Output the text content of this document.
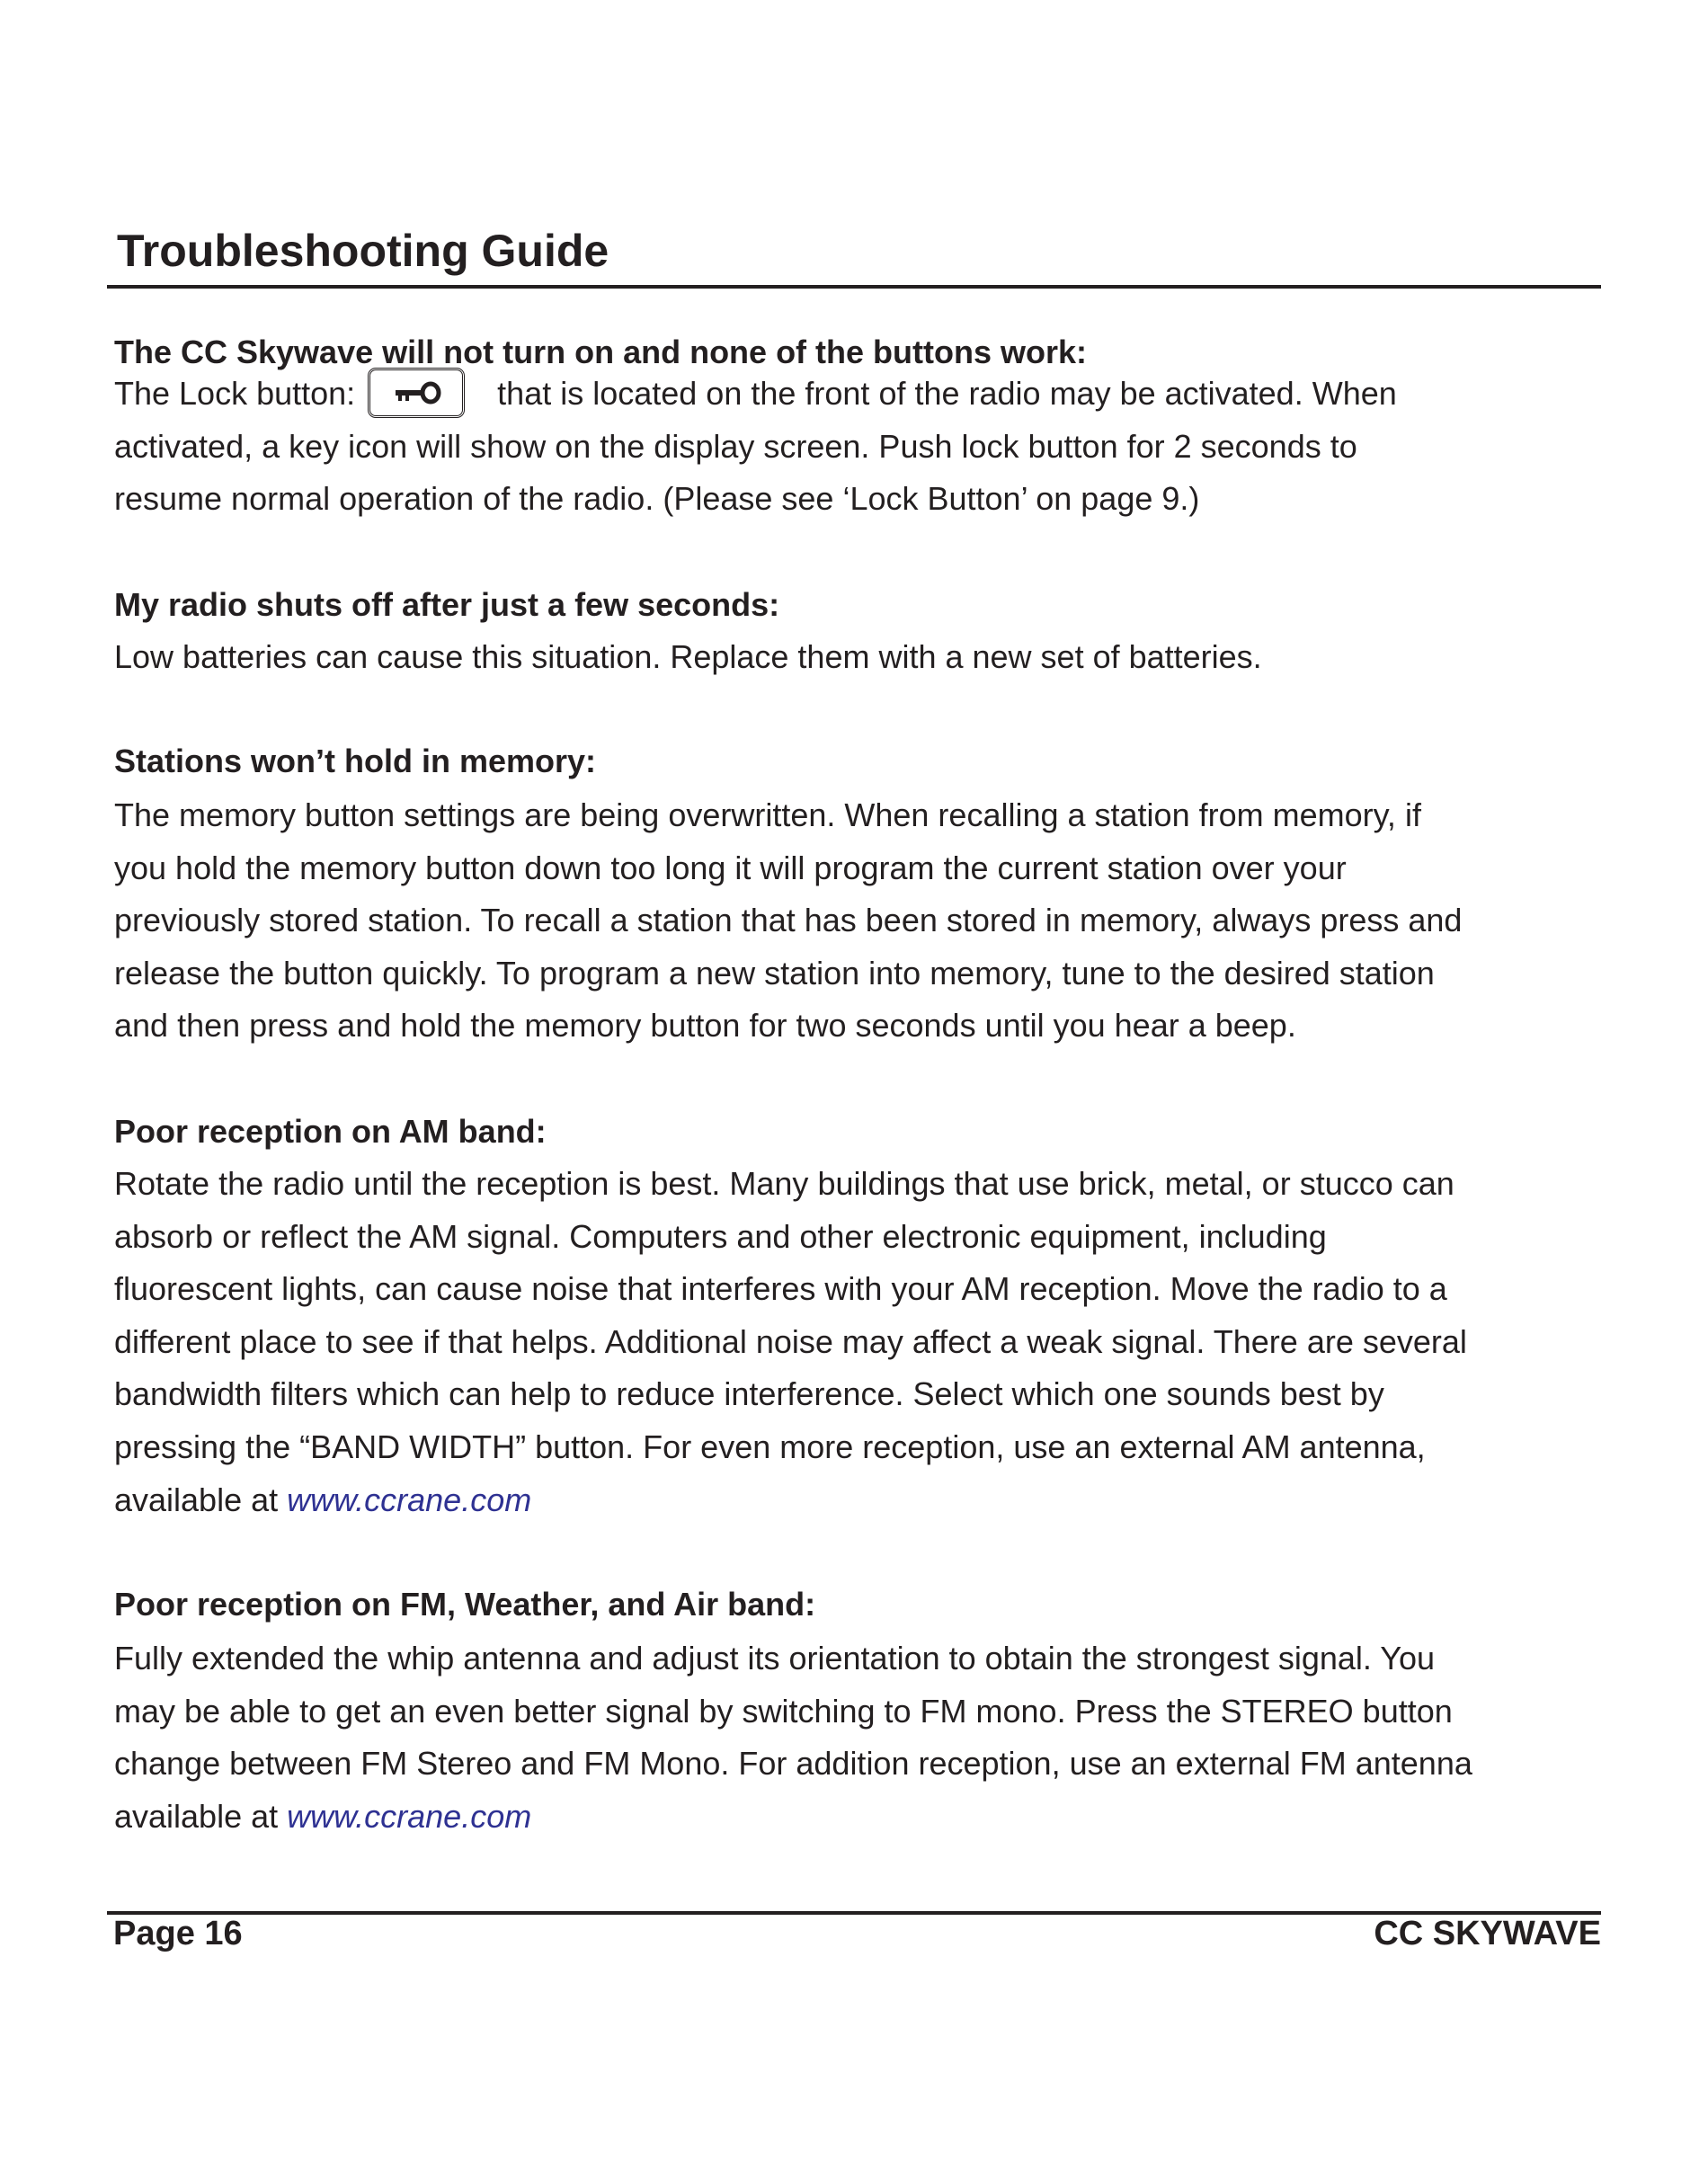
Troubleshooting Guide
The CC Skywave will not turn on and none of the buttons work:
The Lock button:	that is located on the front of the radio may be activated. When
activated, a key icon will show on the display screen. Push lock button for 2 seconds to
resume normal operation of the radio. (Please see ‘Lock Button’ on page 9.)
My radio shuts off after just a few seconds:
Low batteries can cause this situation. Replace them with a new set of batteries.
Stations won’t hold in memory:
The memory button settings are being overwritten. When recalling a station from memory, if
you hold the memory button down too long it will program the current station over your
previously stored station. To recall a station that has been stored in memory, always press and
release the button quickly. To program a new station into memory, tune to the desired station
and then press and hold the memory button for two seconds until you hear a beep.
Poor reception on AM band:
Rotate the radio until the reception is best. Many buildings that use brick, metal, or stucco can
absorb or reflect the AM signal. Computers and other electronic equipment, including
fluorescent lights, can cause noise that interferes with your AM reception. Move the radio to a
different place to see if that helps. Additional noise may affect a weak signal. There are several
bandwidth filters which can help to reduce interference. Select which one sounds best by
pressing the “BAND WIDTH” button. For even more reception, use an external AM antenna,
available at www.ccrane.com
Poor reception on FM, Weather, and Air band:
Fully extended the whip antenna and adjust its orientation to obtain the strongest signal. You
may be able to get an even better signal by switching to FM mono. Press the STEREO button
change between FM Stereo and FM Mono. For addition reception, use an external FM antenna
available at www.ccrane.com
Page 16	CC SKYWAVE
